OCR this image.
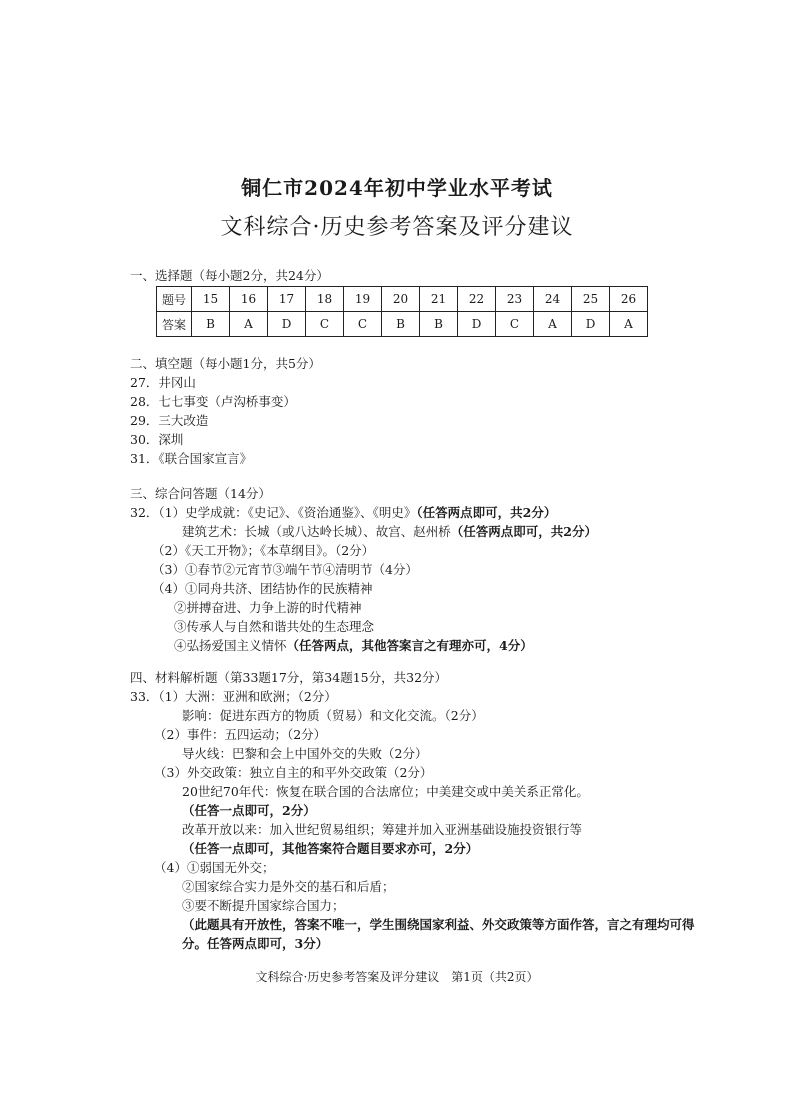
铜仁市2024年初中学业水平考试
文科综合·历史参考答案及评分建议
一、选择题（每小题2分，共24分）
题号	15	16	17	18	19	20	21	22	23	24	25	26
答案	B	A	D	C	C	B	B	D	C	A	D	A
二、填空题（每小题1分，共5分）
27．井冈山
28．七七事变（卢沟桥事变）
29．三大改造
30．深圳
31．《联合国家宣言》
三、综合问答题（14分）
32．（1）史学成就：《史记》、《资治通鉴》、《明史》（任答两点即可，共2分）
建筑艺术：长城（或八达岭长城）、故宫、赵州桥（任答两点即可，共2分）
（2）《天工开物》；《本草纲目》。（2分）
（3）①春节②元宵节③端午节④清明节（4分）
（4）①同舟共济、团结协作的民族精神
②拼搏奋进、力争上游的时代精神
③传承人与自然和谐共处的生态理念
④弘扬爱国主义情怀（任答两点，其他答案言之有理亦可，4分）
四、材料解析题（第33题17分，第34题15分，共32分）
33．（1）大洲：亚洲和欧洲；（2分）
影响：促进东西方的物质（贸易）和文化交流。（2分）
（2）事件：五四运动；（2分）
导火线：巴黎和会上中国外交的失败（2分）
（3）外交政策：独立自主的和平外交政策（2分）
20世纪70年代：恢复在联合国的合法席位；中美建交或中美关系正常化。（任答一点即可，2分）
改革开放以来：加入世纪贸易组织；筹建并加入亚洲基础设施投资银行等
（任答一点即可，其他答案符合题目要求亦可，2分）
（4）①弱国无外交；
②国家综合实力是外交的基石和后盾；
③要不断提升国家综合国力；
（此题具有开放性，答案不唯一，学生围绕国家利益、外交政策等方面作答，言之有理均可得分。任答两点即可，3分）
文科综合·历史参考答案及评分建议　第1页（共2页）
